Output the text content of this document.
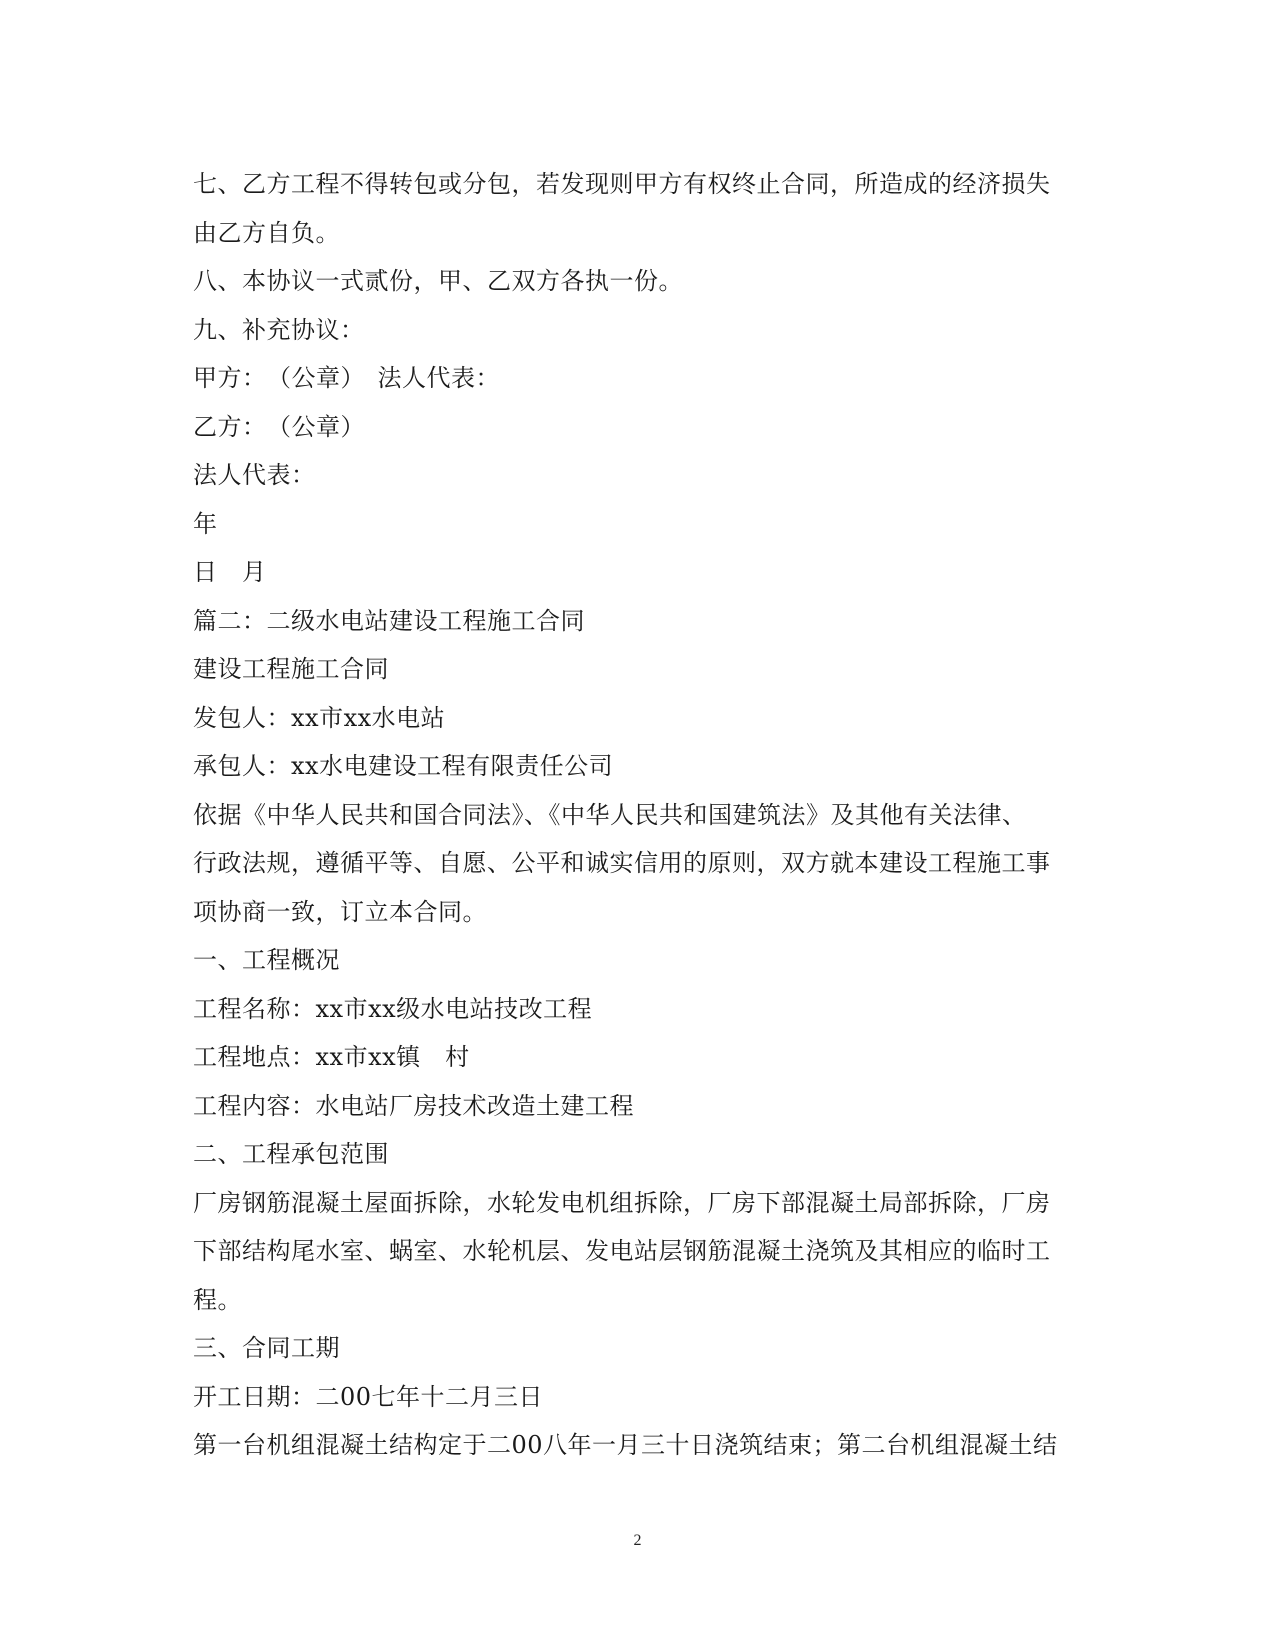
七、乙方工程不得转包或分包，若发现则甲方有权终止合同，所造成的经济损失
由乙方自负。
八、本协议一式贰份，甲、乙双方各执一份。
九、补充协议：
甲方：　（公章）　法人代表：
乙方：　（公章）
法人代表：
年
日　月
篇二：二级水电站建设工程施工合同
建设工程施工合同
发包人：xx市xx水电站
承包人：xx水电建设工程有限责任公司
依据《中华人民共和国合同法》、《中华人民共和国建筑法》及其他有关法律、
行政法规，遵循平等、自愿、公平和诚实信用的原则，双方就本建设工程施工事
项协商一致，订立本合同。
一、工程概况
工程名称：xx市xx级水电站技改工程
工程地点：xx市xx镇　村
工程内容：水电站厂房技术改造土建工程
二、工程承包范围
厂房钢筋混凝土屋面拆除，水轮发电机组拆除，厂房下部混凝土局部拆除，厂房
下部结构尾水室、蜗室、水轮机层、发电站层钢筋混凝土浇筑及其相应的临时工
程。
三、合同工期
开工日期：二00七年十二月三日
第一台机组混凝土结构定于二00八年一月三十日浇筑结束；第二台机组混凝土结
2
